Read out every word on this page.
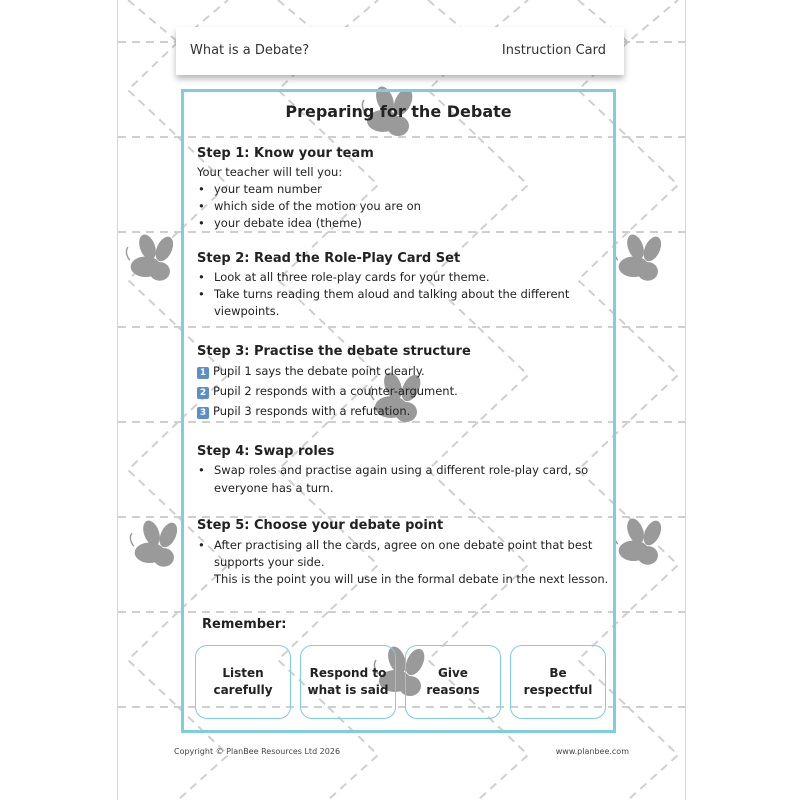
What is a Debate?	Instruction Card
Preparing for the Debate
Step 1: Know your team
Your teacher will tell you:
• your team number
• which side of the motion you are on
• your debate idea (theme)
Step 2: Read the Role-Play Card Set
• Look at all three role-play cards for your theme.
• Take turns reading them aloud and talking about the different
viewpoints.
Step 3: Practise the debate structure
1 Pupil 1 says the debate point clearly.
2 Pupil 2 responds with a counter-argument.
3 Pupil 3 responds with a refutation.
Step 4: Swap roles
• Swap roles and practise again using a different role-play card, so
everyone has a turn.
Step 5: Choose your debate point
• After practising all the cards, agree on one debate point that best
supports your side.
This is the point you will use in the formal debate in the next lesson.
Remember:
Listen
carefully
Respond to
what is said
Give
reasons
Be
respectful
Copyright © PlanBee Resources Ltd 2026	www.planbee.com
